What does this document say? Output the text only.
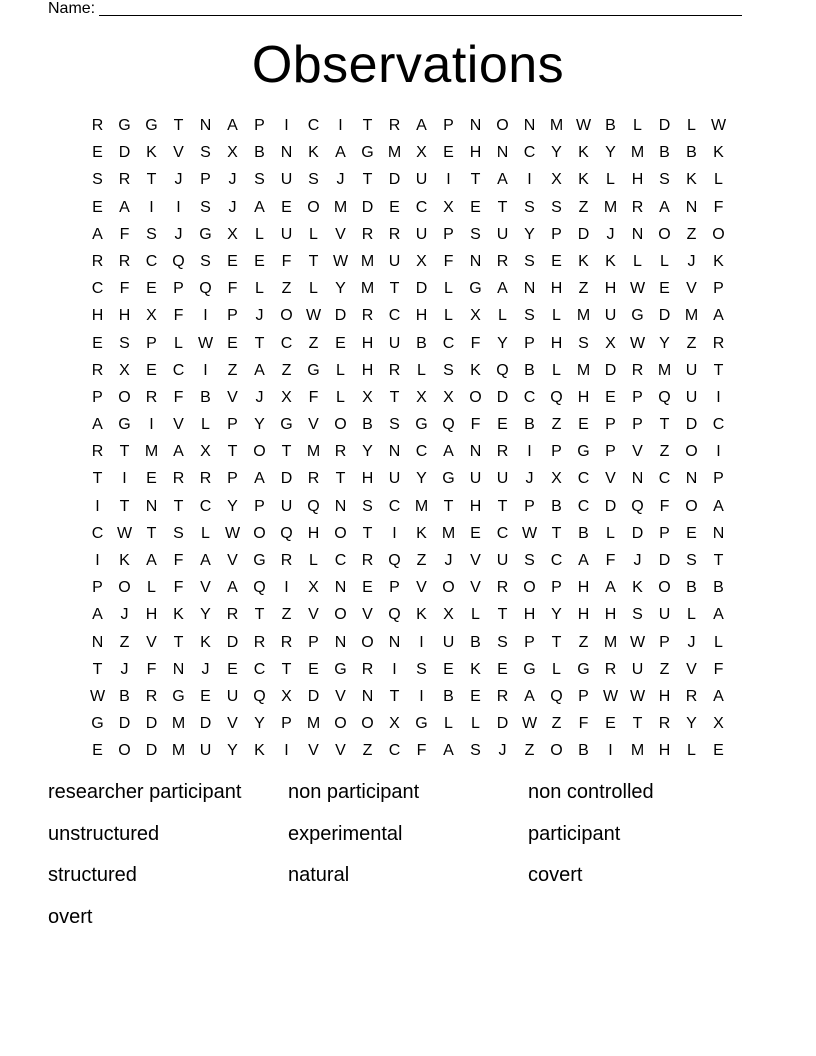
Name:
Observations
R G G T	N A	P	I	C	I	T	R A	P N O N M W B	L	D	L W
E D K	V	S	X	B N K	A G M X	E H N C Y	K	Y M B	B	K
S R	T	J	P	J	S U S	J	T	D U	I	T	A	I	X	K	L	H S	K	L
E	A	I	I	S	J	A	E O M D E C X	E	T	S	S	Z M R A N	F
A	F	S	J	G X	L	U	L	V R R U P	S U Y	P D	J	N O Z O
R R C Q S	E	E	F	T W M U X	F	N R S	E	K	K	L	L	J	K
C	F	E	P Q F	L	Z	L	Y M T	D	L	G A N H	Z	H W E	V	P
H H X	F	I	P	J	O W D R C H	L	X	L	S	L M U G D M A
E	S	P	L W E	T	C	Z	E H U B C	F	Y	P H S	X W Y	Z	R
R X	E C	I	Z	A	Z G	L	H R	L	S	K Q B	L M D R M U	T
P O R	F	B	V	J	X	F	L	X	T	X	X O D C Q H E	P Q U	I
A G	I	V	L	P	Y G V O B	S G Q F	E	B	Z	E	P	P	T	D C
R	T M A	X	T O T M R Y N C A N R	I	P G P	V	Z O	I
T	I	E R R P	A D R	T	H U Y G U U	J	X C V N C N P
I	T	N	T	C Y	P U Q N S C M T	H	T	P	B C D Q F O A
C W T	S	L W O Q H O T	I	K M E C W T	B	L	D P	E N
I	K	A	F	A	V G R	L	C R Q Z	J	V U S C A	F	J	D S	T
P O	L	F	V	A Q	I	X N E	P	V O V R O P H A	K O B	B
A	J	H K	Y R	T	Z	V O V Q K	X	L	T	H Y H H S U	L	A
N	Z	V	T	K D R R P N O N	I	U B	S	P	T	Z M W P	J	L
T	J	F	N	J	E C	T	E G R	I	S	E	K	E G	L	G R U	Z	V	F
W B R G E U Q X D V N	T	I	B	E R A Q P W W H R A
G D D M D V	Y	P M O O X G	L	L	D W Z	F	E	T	R Y	X
E O D M U Y	K	I	V	V	Z	C	F	A	S	J	Z O B	I	M H	L	E
researcher participant	non participant	non controlled
unstructured	experimental	participant
structured	natural	covert
overt
